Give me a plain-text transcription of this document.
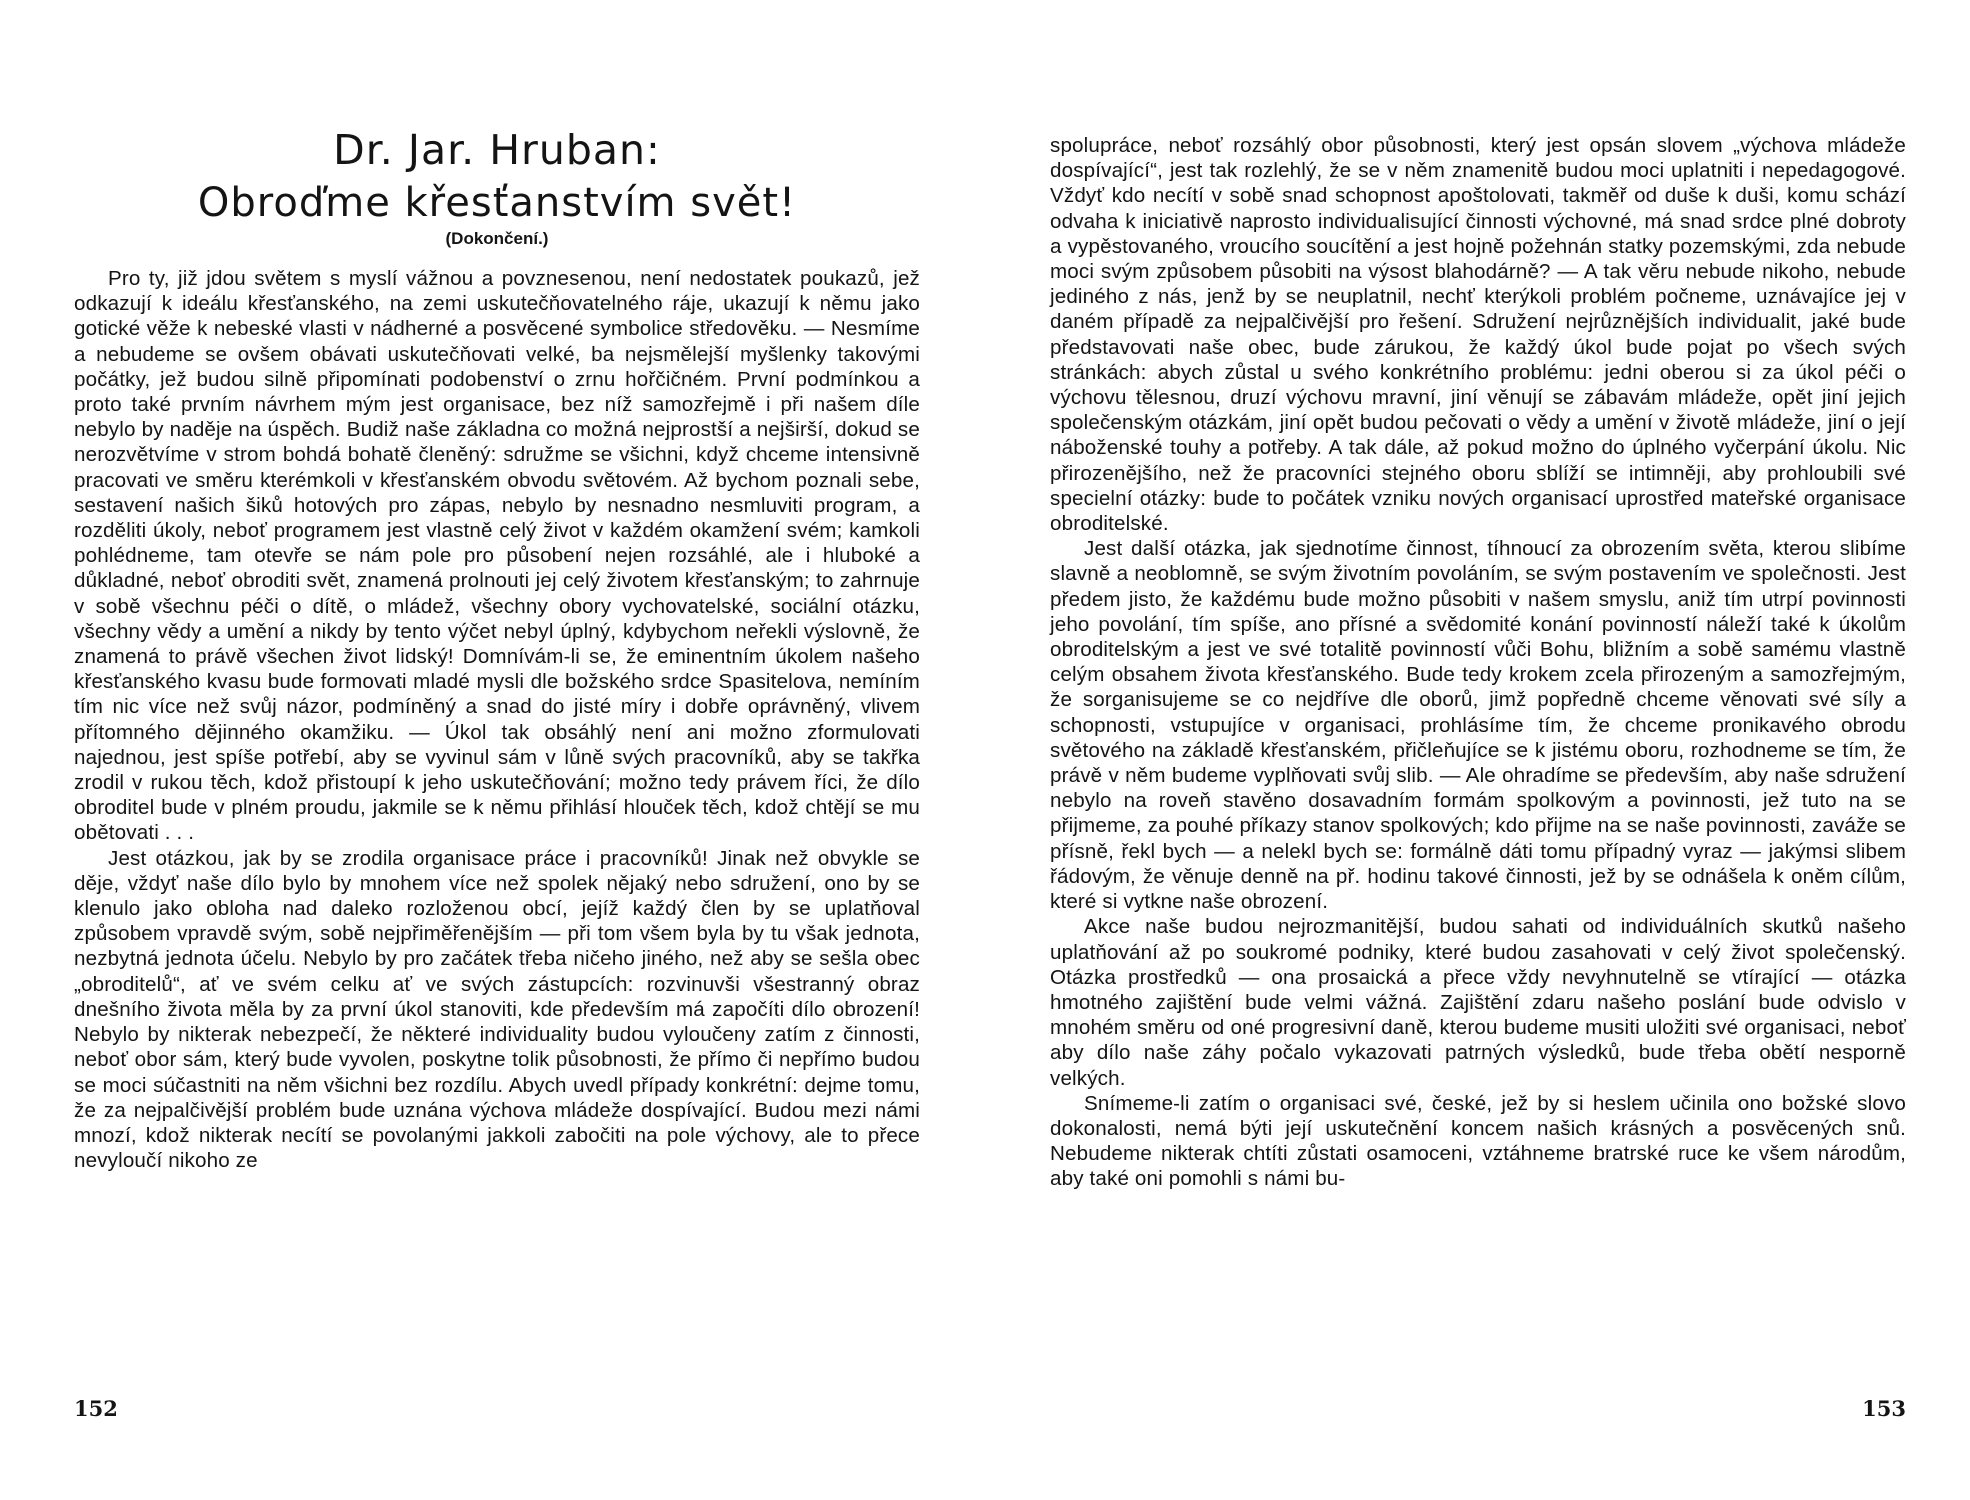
Dr. Jar. Hruban:
Obroďme křesťanstvím svět!
(Dokončení.)

Pro ty, již jdou světem s myslí vážnou a povznesenou, není nedostatek poukazů, jež odkazují k ideálu křesťanského, na zemi uskutečňovatelného ráje, ukazují k němu jako gotické věže k nebeské vlasti v nádherné a posvěcené symbolice středověku. — Nesmíme a nebudeme se ovšem obávati uskutečňovati velké, ba nejsmělejší myšlenky takovými počátky, jež budou silně připomínati podobenství o zrnu hořčičném. První podmínkou a proto také prvním návrhem mým jest organisace, bez níž samozřejmě i při našem díle nebylo by naděje na úspěch. Budiž naše základna co možná nejprostší a nejširší, dokud se nerozvětvíme v strom bohdá bohatě členěný: sdružme se všichni, když chceme intensivně pracovati ve směru kterémkoli v křesťanském obvodu světovém. Až bychom poznali sebe, sestavení našich šiků hotových pro zápas, nebylo by nesnadno nesmluviti program, a rozděliti úkoly, neboť programem jest vlastně celý život v každém okamžení svém; kamkoli pohlédneme, tam otevře se nám pole pro působení nejen rozsáhlé, ale i hluboké a důkladné, neboť obroditi svět, znamená prolnouti jej celý životem křesťanským; to zahrnuje v sobě všechnu péči o dítě, o mládež, všechny obory vychovatelské, sociální otázku, všechny vědy a umění a nikdy by tento výčet nebyl úplný, kdybychom neřekli výslovně, že znamená to právě všechen život lidský! Domnívám-li se, že eminentním úkolem našeho křesťanského kvasu bude formovati mladé mysli dle božského srdce Spasitelova, nemíním tím nic více než svůj názor, podmíněný a snad do jisté míry i dobře oprávněný, vlivem přítomného dějinného okamžiku. — Úkol tak obsáhlý není ani možno zformulovati najednou, jest spíše potřebí, aby se vyvinul sám v lůně svých pracovníků, aby se takřka zrodil v rukou těch, kdož přistoupí k jeho uskutečňování; možno tedy právem říci, že dílo obroditel bude v plném proudu, jakmile se k němu přihlásí hlouček těch, kdož chtějí se mu obětovati . . .

Jest otázkou, jak by se zrodila organisace práce i pracovníků! Jinak než obvykle se děje, vždyť naše dílo bylo by mnohem více než spolek nějaký nebo sdružení, ono by se klenulo jako obloha nad daleko rozloženou obcí, jejíž každý člen by se uplatňoval způsobem vpravdě svým, sobě nejpřiměřenějším — při tom všem byla by tu však jednota, nezbytná jednota účelu. Nebylo by pro začátek třeba ničeho jiného, než aby se sešla obec „obroditelů“, ať ve svém celku ať ve svých zástupcích: rozvinuvši všestranný obraz dnešního života měla by za první úkol stanoviti, kde především má započíti dílo obrození! Nebylo by nikterak nebezpečí, že některé individuality budou vyloučeny zatím z činnosti, neboť obor sám, který bude vyvolen, poskytne tolik působnosti, že přímo či nepřímo budou se moci súčastniti na něm všichni bez rozdílu. Abych uvedl případy konkrétní: dejme tomu, že za nejpalčivější problém bude uznána výchova mládeže dospívající. Budou mezi námi mnozí, kdož nikterak necítí se povolanými jakkoli zabočiti na pole výchovy, ale to přece nevyloučí nikoho ze

152

spolupráce, neboť rozsáhlý obor působnosti, který jest opsán slovem „výchova mládeže dospívající“, jest tak rozlehlý, že se v něm znamenitě budou moci uplatniti i nepedagogové. Vždyť kdo necítí v sobě snad schopnost apoštolovati, takměř od duše k duši, komu schází odvaha k iniciativě naprosto individualisující činnosti výchovné, má snad srdce plné dobroty a vypěstovaného, vroucího soucítění a jest hojně požehnán statky pozemskými, zda nebude moci svým způsobem působiti na výsost blahodárně? — A tak věru nebude nikoho, nebude jediného z nás, jenž by se neuplatnil, nechť kterýkoli problém počneme, uznávajíce jej v daném případě za nejpalčivější pro řešení. Sdružení nejrůznějších individualit, jaké bude představovati naše obec, bude zárukou, že každý úkol bude pojat po všech svých stránkách: abych zůstal u svého konkrétního problému: jedni oberou si za úkol péči o výchovu tělesnou, druzí výchovu mravní, jiní věnují se zábavám mládeže, opět jiní jejich společenským otázkám, jiní opět budou pečovati o vědy a umění v životě mládeže, jiní o její náboženské touhy a potřeby. A tak dále, až pokud možno do úplného vyčerpání úkolu. Nic přirozenějšího, než že pracovníci stejného oboru sblíží se intimněji, aby prohloubili své specielní otázky: bude to počátek vzniku nových organisací uprostřed mateřské organisace obroditelské.

Jest další otázka, jak sjednotíme činnost, tíhnoucí za obrozením světa, kterou slibíme slavně a neoblomně, se svým životním povoláním, se svým postavením ve společnosti. Jest předem jisto, že každému bude možno působiti v našem smyslu, aniž tím utrpí povinnosti jeho povolání, tím spíše, ano přísné a svědomité konání povinností náleží také k úkolům obroditelským a jest ve své totalitě povinností vůči Bohu, bližním a sobě samému vlastně celým obsahem života křesťanského. Bude tedy krokem zcela přirozeným a samozřejmým, že sorganisujeme se co nejdříve dle oborů, jimž popředně chceme věnovati své síly a schopnosti, vstupujíce v organisaci, prohlásíme tím, že chceme pronikavého obrodu světového na základě křesťanském, přičleňujíce se k jistému oboru, rozhodneme se tím, že právě v něm budeme vyplňovati svůj slib. — Ale ohradíme se především, aby naše sdružení nebylo na roveň stavěno dosavadním formám spolkovým a povinnosti, jež tuto na se přijmeme, za pouhé příkazy stanov spolkových; kdo přijme na se naše povinnosti, zaváže se přísně, řekl bych — a nelekl bych se: formálně dáti tomu případný vyraz — jakýmsi slibem řádovým, že věnuje denně na př. hodinu takové činnosti, jež by se odnášela k oněm cílům, které si vytkne naše obrození.

Akce naše budou nejrozmanitější, budou sahati od individuálních skutků našeho uplatňování až po soukromé podniky, které budou zasahovati v celý život společenský. Otázka prostředků — ona prosaická a přece vždy nevyhnutelně se vtírající — otázka hmotného zajištění bude velmi vážná. Zajištění zdaru našeho poslání bude odvislo v mnohém směru od oné progresivní daně, kterou budeme musiti uložiti své organisaci, neboť aby dílo naše záhy počalo vykazovati patrných výsledků, bude třeba obětí nesporně velkých.

Snímeme-li zatím o organisaci své, české, jež by si heslem učinila ono božské slovo dokonalosti, nemá býti její uskutečnění koncem našich krásných a posvěcených snů. Nebudeme nikterak chtíti zůstati osamoceni, vztáhneme bratrské ruce ke všem národům, aby také oni pomohli s námi bu-

153
